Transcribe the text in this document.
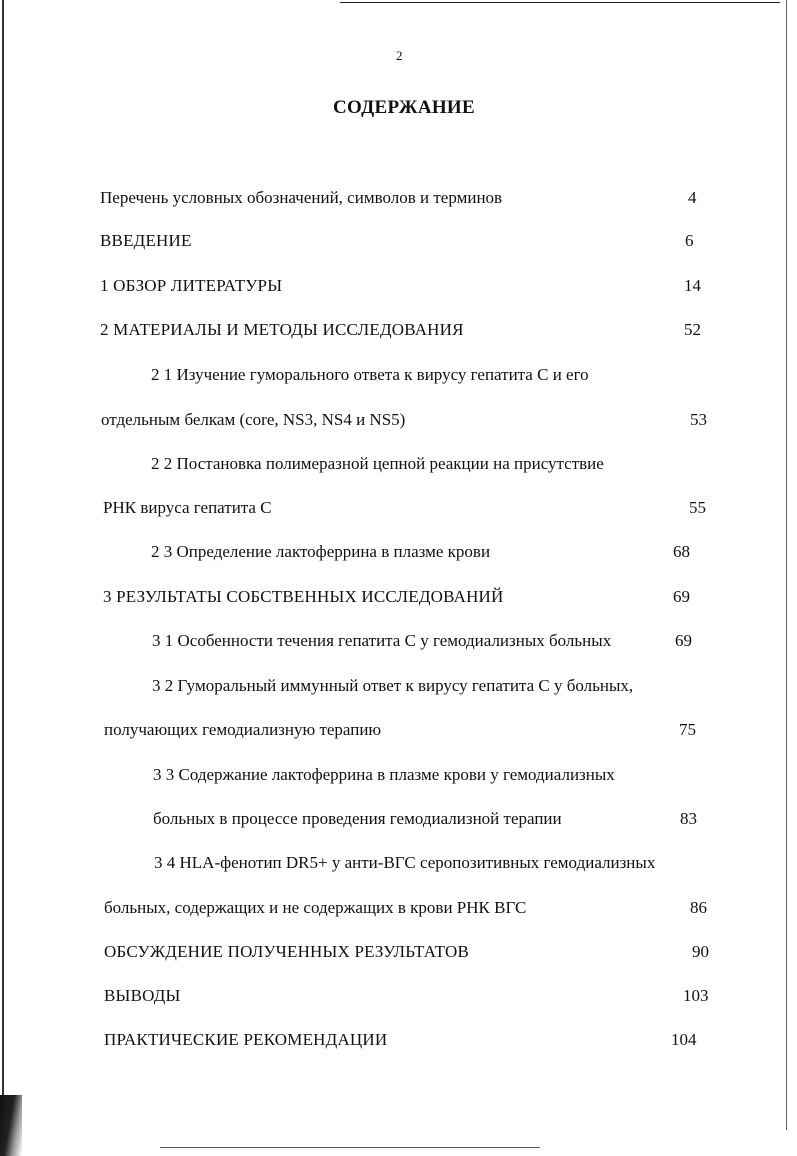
2
СОДЕРЖАНИЕ
Перечень условных обозначений, символов и терминов	4
ВВЕДЕНИЕ	6
1 ОБЗОР ЛИТЕРАТУРЫ	14
2 МАТЕРИАЛЫ И МЕТОДЫ ИССЛЕДОВАНИЯ	52
2 1 Изучение гуморального ответа к вирусу гепатита С и его
отдельным белкам (core, NS3, NS4 и NS5)	53
2 2 Постановка полимеразной цепной реакции на присутствие
РНК вируса гепатита С	55
2 3 Определение лактоферрина в плазме крови	68
3 РЕЗУЛЬТАТЫ СОБСТВЕННЫХ ИССЛЕДОВАНИЙ	69
3 1 Особенности течения гепатита С у гемодиализных больных	69
3 2 Гуморальный иммунный ответ к вирусу гепатита С у больных,
получающих гемодиализную терапию	75
3 3 Содержание лактоферрина в плазме крови у гемодиализных
больных в процессе проведения гемодиализной терапии	83
3 4 HLA-фенотип DR5+ у анти-ВГС серопозитивных гемодиализных
больных, содержащих и не содержащих в крови РНК ВГС	86
ОБСУЖДЕНИЕ ПОЛУЧЕННЫХ РЕЗУЛЬТАТОВ	90
ВЫВОДЫ	103
ПРАКТИЧЕСКИЕ РЕКОМЕНДАЦИИ	104
